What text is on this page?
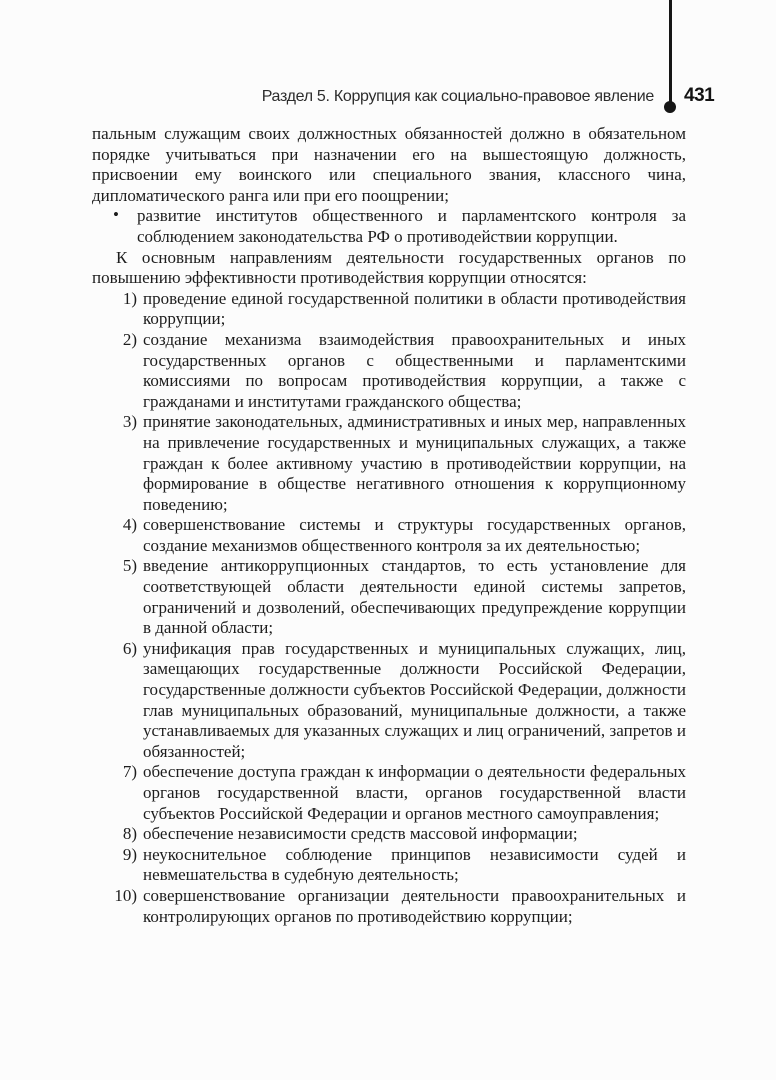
Раздел 5. Коррупция как социально-правовое явление 431

пальным служащим своих должностных обязанностей должно в обязательном порядке учитываться при назначении его на вышестоящую должность, присвоении ему воинского или специального звания, классного чина, дипломатического ранга или при его поощрении;

•	развитие институтов общественного и парламентского контроля за соблюдением законодательства РФ о противодействии коррупции.

К основным направлениям деятельности государственных органов по повышению эффективности противодействия коррупции относятся:

1) проведение единой государственной политики в области противодействия коррупции;
2) создание механизма взаимодействия правоохранительных и иных государственных органов с общественными и парламентскими комиссиями по вопросам противодействия коррупции, а также с гражданами и институтами гражданского общества;
3) принятие законодательных, административных и иных мер, направленных на привлечение государственных и муниципальных служащих, а также граждан к более активному участию в противодействии коррупции, на формирование в обществе негативного отношения к коррупционному поведению;
4) совершенствование системы и структуры государственных органов, создание механизмов общественного контроля за их деятельностью;
5) введение антикоррупционных стандартов, то есть установление для соответствующей области деятельности единой системы запретов, ограничений и дозволений, обеспечивающих предупреждение коррупции в данной области;
6) унификация прав государственных и муниципальных служащих, лиц, замещающих государственные должности Российской Федерации, государственные должности субъектов Российской Федерации, должности глав муниципальных образований, муниципальные должности, а также устанавливаемых для указанных служащих и лиц ограничений, запретов и обязанностей;
7) обеспечение доступа граждан к информации о деятельности федеральных органов государственной власти, органов государственной власти субъектов Российской Федерации и органов местного самоуправления;
8) обеспечение независимости средств массовой информации;
9) неукоснительное соблюдение принципов независимости судей и невмешательства в судебную деятельность;
10) совершенствование организации деятельности правоохранительных и контролирующих органов по противодействию коррупции;
